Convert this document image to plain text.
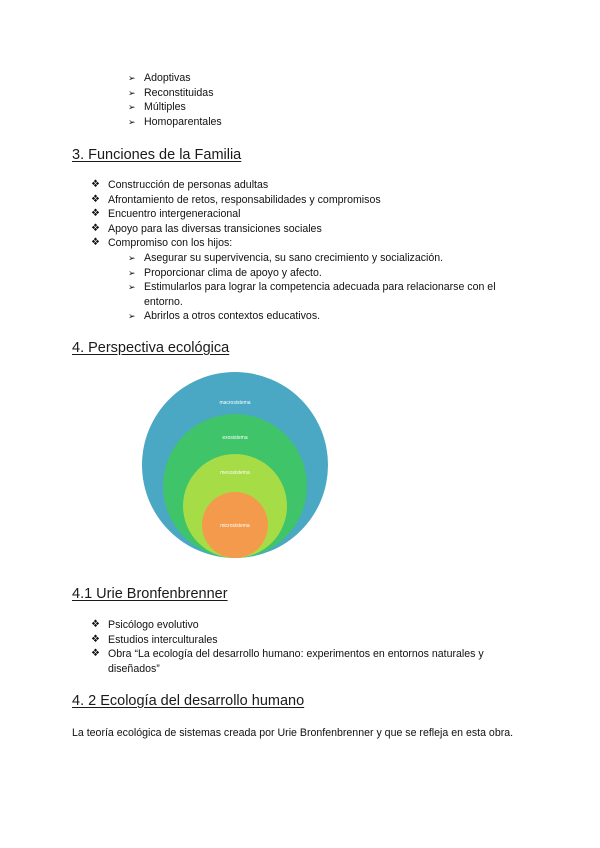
➢ Adoptivas
➢ Reconstituidas
➢ Múltiples
➢ Homoparentales
3. Funciones de la Familia
❖ Construcción de personas adultas
❖ Afrontamiento de retos, responsabilidades y compromisos
❖ Encuentro intergeneracional
❖ Apoyo para las diversas transiciones sociales
❖ Compromiso con los hijos:
➢ Asegurar su supervivencia, su sano crecimiento y socialización.
➢ Proporcionar clima de apoyo y afecto.
➢ Estimularlos para lograr la competencia adecuada para relacionarse con el entorno.
➢ Abrirlos a otros contextos educativos.
4. Perspectiva ecológica
macrosistema
exosistema
mesosistema
microsistema
4.1 Urie Bronfenbrenner
❖ Psicólogo evolutivo
❖ Estudios interculturales
❖ Obra “La ecología del desarrollo humano: experimentos en entornos naturales y diseñados”
4. 2 Ecología del desarrollo humano

La teoría ecológica de sistemas creada por Urie Bronfenbrenner y que se refleja en esta obra.
